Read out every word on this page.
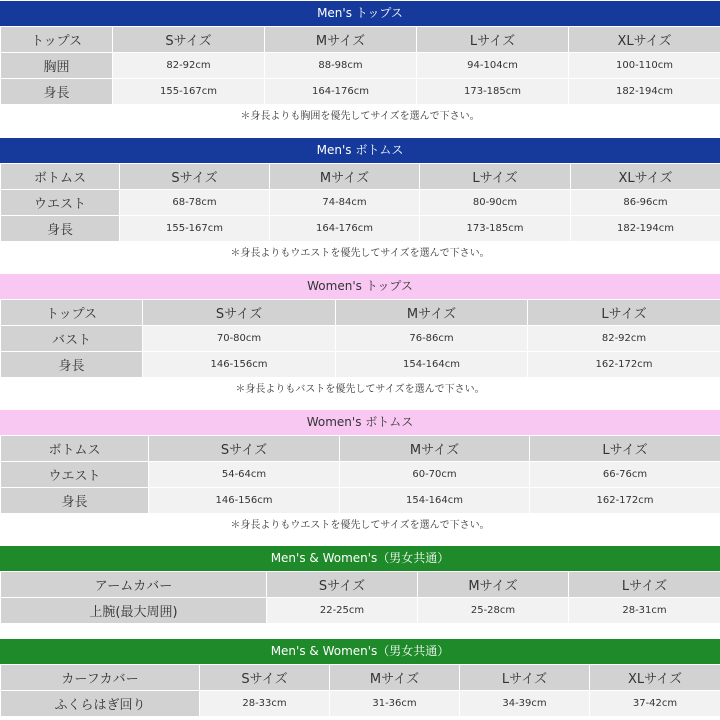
Men's トップス
トップス	Sサイズ	Mサイズ	Lサイズ	XLサイズ
胸囲	82-92cm	88-98cm	94-104cm	100-110cm
身長	155-167cm	164-176cm	173-185cm	182-194cm
＊身長よりも胸囲を優先してサイズを選んで下さい。
Men's ボトムス
ボトムス	Sサイズ	Mサイズ	Lサイズ	XLサイズ
ウエスト	68-78cm	74-84cm	80-90cm	86-96cm
身長	155-167cm	164-176cm	173-185cm	182-194cm
＊身長よりもウエストを優先してサイズを選んで下さい。
Women's トップス
トップス	Sサイズ	Mサイズ	Lサイズ
バスト	70-80cm	76-86cm	82-92cm
身長	146-156cm	154-164cm	162-172cm
＊身長よりもバストを優先してサイズを選んで下さい。
Women's ボトムス
ボトムス	Sサイズ	Mサイズ	Lサイズ
ウエスト	54-64cm	60-70cm	66-76cm
身長	146-156cm	154-164cm	162-172cm
＊身長よりもウエストを優先してサイズを選んで下さい。
Men's & Women's（男女共通）
アームカバー	Sサイズ	Mサイズ	Lサイズ
上腕(最大周囲)	22-25cm	25-28cm	28-31cm
Men's & Women's（男女共通）
カーフカバー	Sサイズ	Mサイズ	Lサイズ	XLサイズ
ふくらはぎ回り	28-33cm	31-36cm	34-39cm	37-42cm
